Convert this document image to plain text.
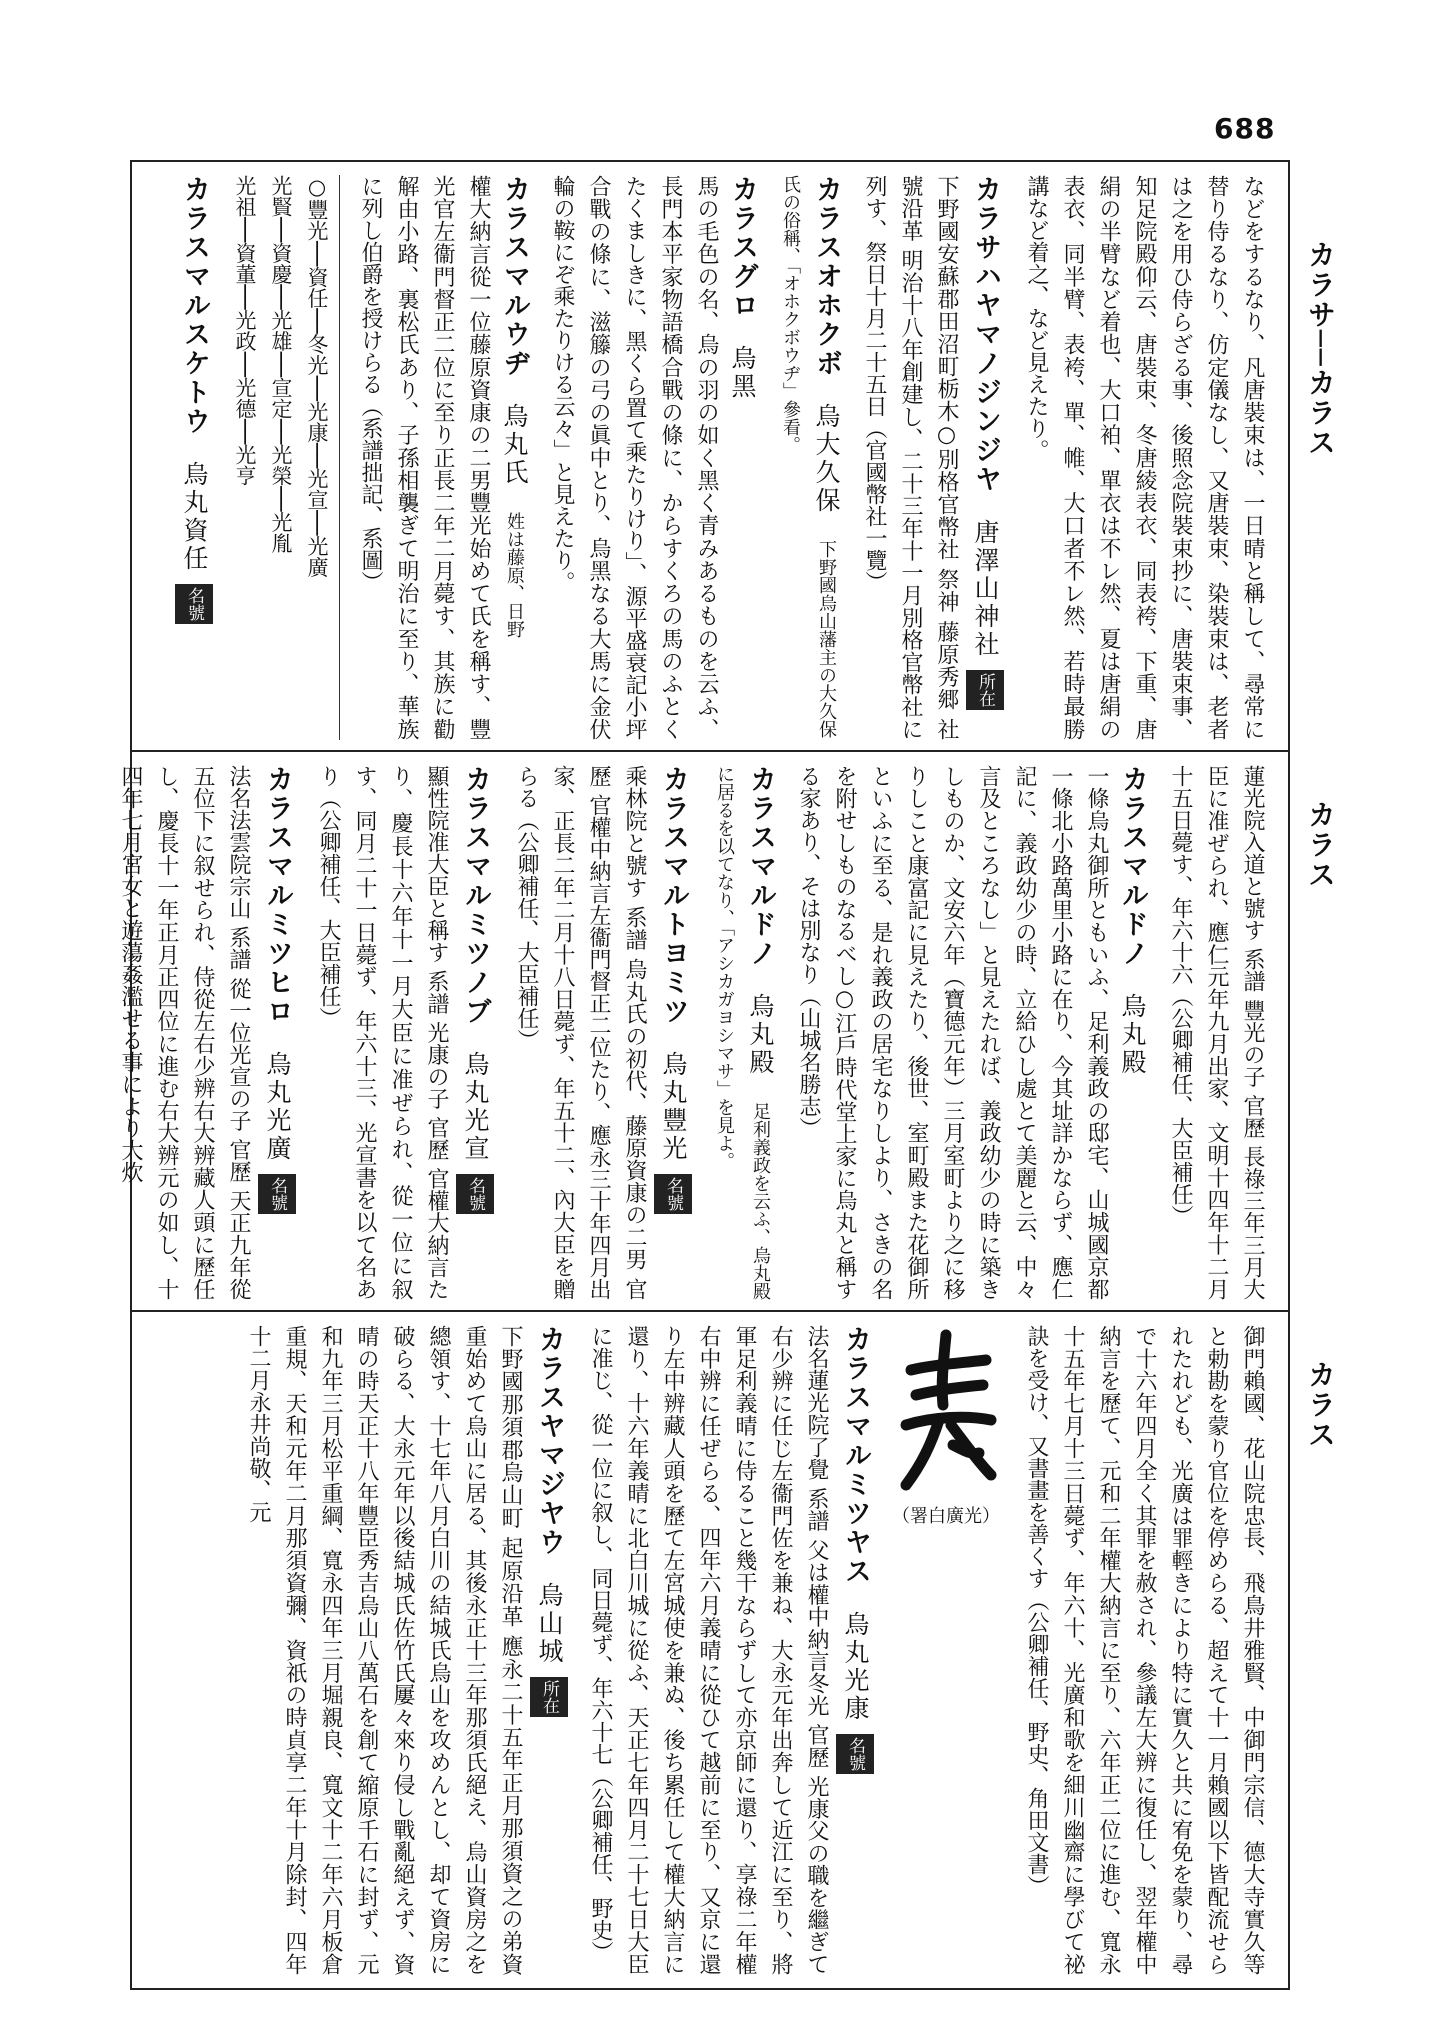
688
カラサ──カラス
カラス
カラス
などをするなり、凡唐裝束は、一日晴と稱して、尋常に替り侍るなり、仿定儀なし、又唐裝束、染裝束は、老者は之を用ひ侍らざる事、後照念院裝束抄に、唐裝束事、知足院殿仰云、唐裝束、冬唐綾表衣、同表袴、下重、唐絹の半臂など着也、大口袙、單衣は不レ然、夏は唐絹の表衣、同半臂、表袴、單、帷、大口者不レ然、若時最勝講など着之、など見えたり。
カラサハヤマノジンジヤ 唐澤山神社 所在
下野國安蘇郡田沼町栃木○別格官幣社 祭神 藤原秀郷 社號沿革 明治十八年創建し、二十三年十一月別格官幣社に列す、祭日十月二十五日（官國幣社一覽）
カラスオホクボ 烏大久保 下野國烏山藩主の大久保氏の俗稱、「オホクボウヂ」參看。
カラスグロ 烏黑
馬の毛色の名、烏の羽の如く黑く青みあるものを云ふ、長門本平家物語橋合戰の條に、からすくろの馬のふとくたくましきに、黑くら置て乘たりけり」、源平盛衰記小坪合戰の條に、滋籐の弓の眞中とり、烏黑なる大馬に金伏輪の鞍にぞ乘たりける云々」と見えたり。
カラスマルウヂ 烏丸氏 姓は藤原、日野
權大納言從一位藤原資康の二男豐光始めて氏を稱す、豐光官左衞門督正二位に至り正長二年二月薨す、其族に勸解由小路、裏松氏あり、子孫相襲ぎて明治に至り、華族に列し伯爵を授けらる（系譜拙記、系圖）
○豐光──資任──冬光──光康──光宣──光廣
光賢──資慶──光雄──宣定──光榮──光胤
光祖──資董──光政──光德──光亨
カラスマルスケトウ 烏丸資任 名號
蓮光院入道と號す 系譜 豐光の子 官歷 長祿三年三月大臣に准ぜられ、應仁元年九月出家、文明十四年十二月十五日薨す、年六十六（公卿補任、大臣補任）
カラスマルドノ 烏丸殿
一條烏丸御所ともいふ、足利義政の邸宅、山城國京都一條北小路萬里小路に在り、今其址詳かならず、應仁記に、義政幼少の時、立給ひし處とて美麗と云、中々言及ところなし」と見えたれば、義政幼少の時に築きしものか、文安六年（寶德元年）三月室町より之に移りしこと康富記に見えたり、後世、室町殿また花御所といふに至る、是れ義政の居宅なりしより、さきの名を附せしものなるべし○江戶時代堂上家に烏丸と稱する家あり、そは別なり（山城名勝志）
カラスマルドノ 烏丸殿 足利義政を云ふ、烏丸殿に居るを以てなり、「アシカガヨシマサ」を見よ。
カラスマルトヨミツ 烏丸豐光 名號
乘林院と號す 系譜 烏丸氏の初代、藤原資康の二男 官歷 官權中納言左衞門督正二位たり、應永三十年四月出家、正長二年二月十八日薨ず、年五十二、內大臣を贈らる（公卿補任、大臣補任）
カラスマルミツノブ 烏丸光宣 名號
顯性院准大臣と稱す 系譜 光康の子 官歷 官權大納言たり、慶長十六年十一月大臣に准ぜられ、從一位に叙す、同月二十一日薨ず、年六十三、光宣書を以て名あり（公卿補任、大臣補任）
カラスマルミツヒロ 烏丸光廣 名號
法名法雲院宗山 系譜 從一位光宣の子 官歷 天正九年從五位下に叙せられ、侍從左右少辨右大辨藏人頭に歷任し、慶長十一年正月正四位に進む右大辨元の如し、十四年七月宮女と遊蕩姦濫せる事により大炊
御門賴國、花山院忠長、飛鳥井雅賢、中御門宗信、德大寺實久等と勅勘を蒙り官位を停めらる、超えて十一月賴國以下皆配流せられたれども、光廣は罪輕きにより特に實久と共に宥免を蒙り、尋で十六年四月全く其罪を赦され、參議左大辨に復任し、翌年權中納言を歷て、元和二年權大納言に至り、六年正二位に進む、寬永十五年七月十三日薨ず、年六十、光廣和歌を細川幽齋に學びて祕訣を受け、又書畫を善くす（公卿補任、野史、角田文書）
（署白廣光）
カラスマルミツヤス 烏丸光康 名號
法名蓮光院了覺 系譜 父は權中納言冬光 官歷 光康父の職を繼ぎて右少辨に任じ左衞門佐を兼ね、大永元年出奔して近江に至り、將軍足利義晴に侍ること幾干ならずして亦京師に還り、享祿二年權右中辨に任ぜらる、四年六月義晴に從ひて越前に至り、又京に還り左中辨藏人頭を歷て左宮城使を兼ぬ、後ち累任して權大納言に還り、十六年義晴に北白川城に從ふ、天正七年四月二十七日大臣に准じ、從一位に叙し、同日薨ず、年六十七（公卿補任、野史）
カラスヤマジヤウ 烏山城 所在
下野國那須郡烏山町 起原沿革 應永二十五年正月那須資之の弟資重始めて烏山に居る、其後永正十三年那須氏絕え、烏山資房之を總領す、十七年八月白川の結城氏烏山を攻めんとし、却て資房に破らる、大永元年以後結城氏佐竹氏屢々來り侵し戰亂絕えず、資晴の時天正十八年豐臣秀吉烏山八萬石を創て縮原千石に封ず、元和九年三月松平重綱、寬永四年三月堀親良、寬文十二年六月板倉重規、天和元年二月那須資彌、資祇の時貞享二年十月除封、四年十二月永井尚敬、元
